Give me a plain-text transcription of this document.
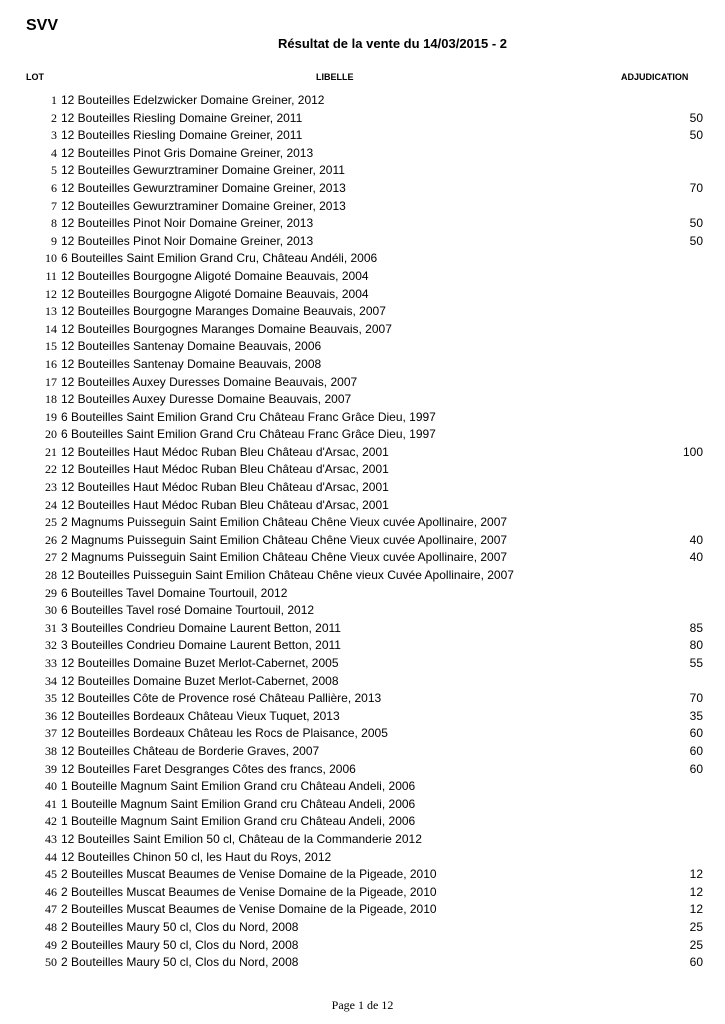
SVV
Résultat de la vente du 14/03/2015 - 2
LOT	LIBELLE	ADJUDICATION
1 12 Bouteilles Edelzwicker Domaine Greiner, 2012
2 12 Bouteilles Riesling Domaine Greiner, 2011	50
3 12 Bouteilles Riesling Domaine Greiner, 2011	50
4 12 Bouteilles Pinot Gris Domaine Greiner, 2013
5 12 Bouteilles Gewurztraminer Domaine Greiner, 2011
6 12 Bouteilles Gewurztraminer Domaine Greiner, 2013	70
7 12 Bouteilles Gewurztraminer Domaine Greiner, 2013
8 12 Bouteilles Pinot Noir Domaine Greiner, 2013	50
9 12 Bouteilles Pinot Noir Domaine Greiner, 2013	50
10 6 Bouteilles Saint Emilion Grand Cru, Château Andéli, 2006
11 12 Bouteilles Bourgogne Aligoté Domaine Beauvais, 2004
12 12 Bouteilles Bourgogne Aligoté Domaine Beauvais, 2004
13 12 Bouteilles Bourgogne Maranges Domaine Beauvais, 2007
14 12 Bouteilles Bourgognes Maranges Domaine Beauvais, 2007
15 12 Bouteilles Santenay Domaine Beauvais, 2006
16 12 Bouteilles Santenay Domaine Beauvais, 2008
17 12 Bouteilles Auxey Duresses Domaine Beauvais, 2007
18 12 Bouteilles Auxey Duresse Domaine Beauvais, 2007
19 6 Bouteilles Saint Emilion Grand Cru Château Franc Grâce Dieu, 1997
20 6 Bouteilles Saint Emilion Grand Cru Château Franc Grâce Dieu, 1997
21 12 Bouteilles Haut Médoc Ruban Bleu Château d'Arsac, 2001	100
22 12 Bouteilles Haut Médoc Ruban Bleu Château d'Arsac, 2001
23 12 Bouteilles Haut Médoc Ruban Bleu Château d'Arsac, 2001
24 12 Bouteilles Haut Médoc Ruban Bleu Château d'Arsac, 2001
25 2 Magnums Puisseguin Saint Emilion Château Chêne Vieux cuvée Apollinaire, 2007
26 2 Magnums Puisseguin Saint Emilion Château Chêne Vieux cuvée Apollinaire, 2007	40
27 2 Magnums Puisseguin Saint Emilion Château Chêne Vieux cuvée Apollinaire, 2007	40
28 12 Bouteilles Puisseguin Saint Emilion Château Chêne vieux Cuvée Apollinaire, 2007
29 6 Bouteilles Tavel Domaine Tourtouil, 2012
30 6 Bouteilles Tavel rosé Domaine Tourtouil, 2012
31 3 Bouteilles Condrieu Domaine Laurent Betton, 2011	85
32 3 Bouteilles Condrieu Domaine Laurent Betton, 2011	80
33 12 Bouteilles Domaine Buzet Merlot-Cabernet, 2005	55
34 12 Bouteilles Domaine Buzet Merlot-Cabernet, 2008
35 12 Bouteilles Côte de Provence rosé Château Pallière, 2013	70
36 12 Bouteilles Bordeaux Château Vieux Tuquet, 2013	35
37 12 Bouteilles Bordeaux Château les Rocs de Plaisance, 2005	60
38 12 Bouteilles Château de Borderie Graves, 2007	60
39 12 Bouteilles Faret Desgranges Côtes des francs, 2006	60
40 1 Bouteille Magnum Saint Emilion Grand cru Château Andeli, 2006
41 1 Bouteille Magnum Saint Emilion Grand cru Château Andeli, 2006
42 1 Bouteille Magnum Saint Emilion Grand cru Château Andeli, 2006
43 12 Bouteilles Saint Emilion 50 cl, Château de la Commanderie 2012
44 12 Bouteilles Chinon 50 cl, les Haut du Roys, 2012
45 2 Bouteilles Muscat Beaumes de Venise Domaine de la Pigeade, 2010	12
46 2 Bouteilles Muscat Beaumes de Venise Domaine de la Pigeade, 2010	12
47 2 Bouteilles Muscat Beaumes de Venise Domaine de la Pigeade, 2010	12
48 2 Bouteilles Maury 50 cl, Clos du Nord, 2008	25
49 2 Bouteilles Maury 50 cl, Clos du Nord, 2008	25
50 2 Bouteilles Maury 50 cl, Clos du Nord, 2008	60
Page 1 de 12
